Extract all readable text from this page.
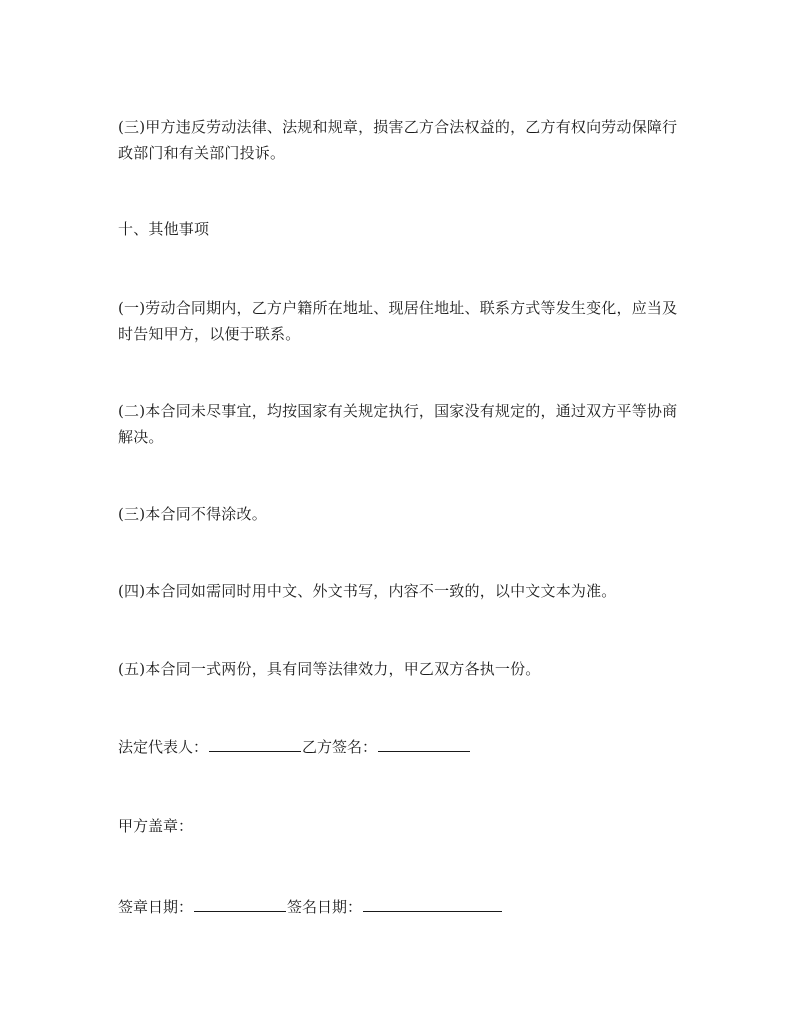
(三)甲方违反劳动法律、法规和规章，损害乙方合法权益的，乙方有权向劳动保障行政部门和有关部门投诉。

十、其他事项

(一)劳动合同期内，乙方户籍所在地址、现居住地址、联系方式等发生变化，应当及时告知甲方，以便于联系。

(二)本合同未尽事宜，均按国家有关规定执行，国家没有规定的，通过双方平等协商解决。

(三)本合同不得涂改。

(四)本合同如需同时用中文、外文书写，内容不一致的，以中文文本为准。

(五)本合同一式两份，具有同等法律效力，甲乙双方各执一份。

法定代表人：	乙方签名：
甲方盖章：
签章日期：	签名日期：
